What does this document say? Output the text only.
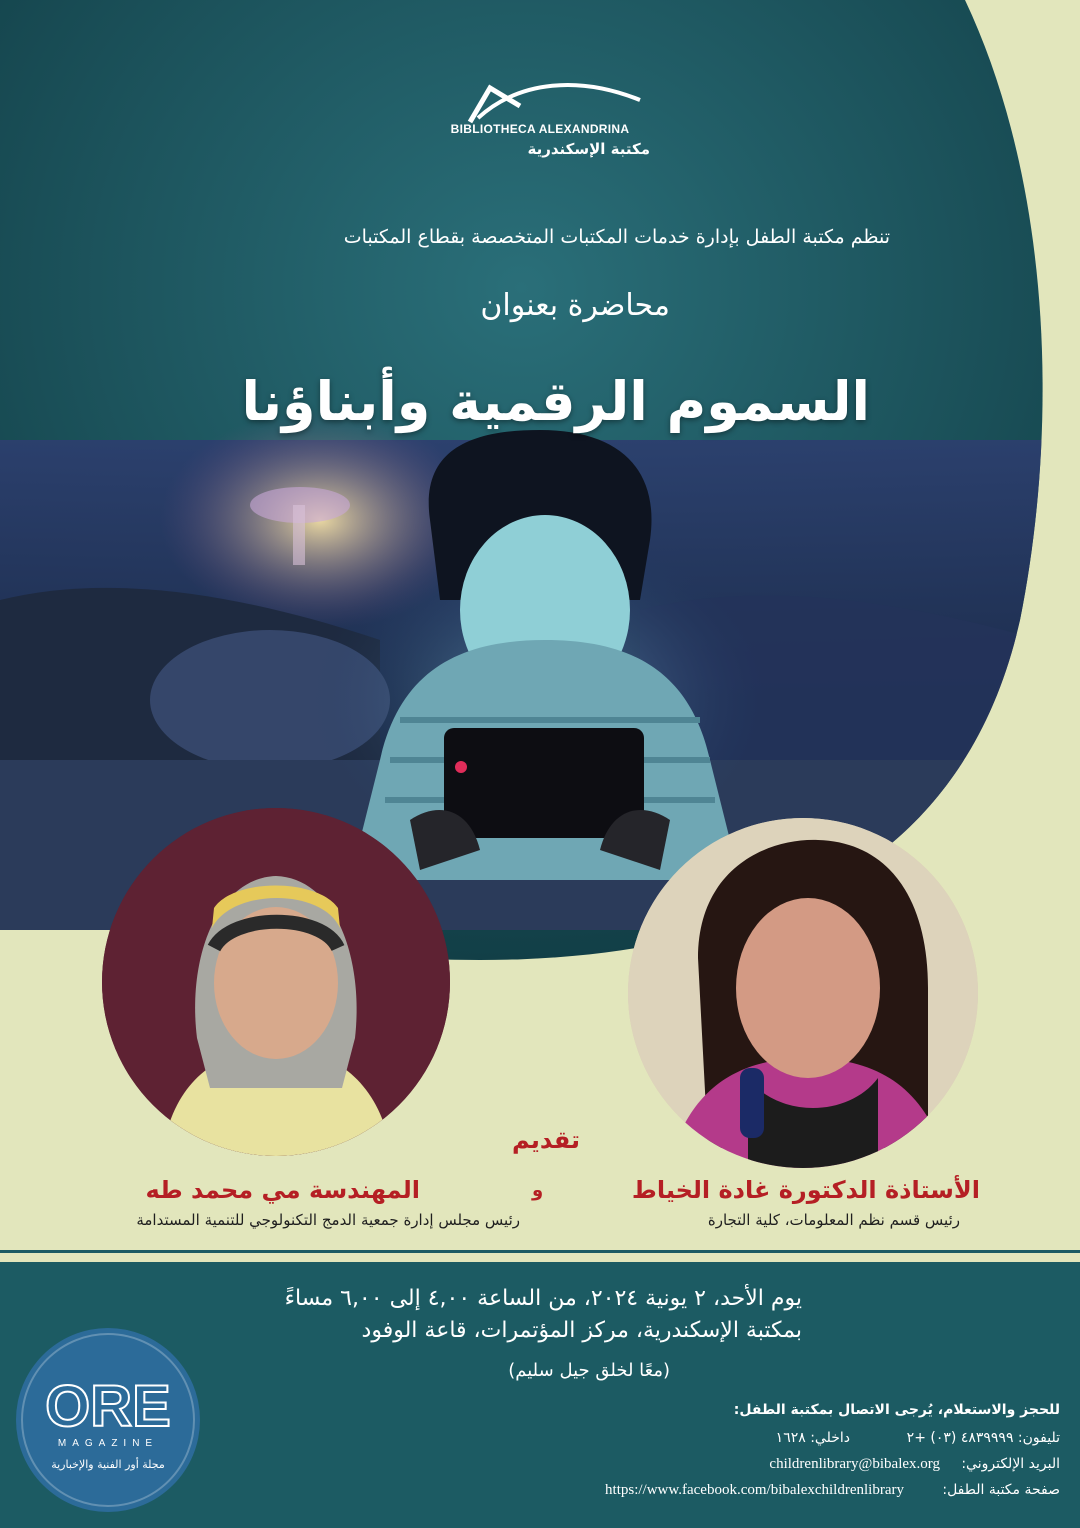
BIBLIOTHECA ALEXANDRINA
مكتبة الإسكندرية
تنظم مكتبة الطفل بإدارة خدمات المكتبات المتخصصة بقطاع المكتبات
محاضرة بعنوان
السموم الرقمية وأبناؤنا
تقديم
الأستاذة الدكتورة غادة الخياط
رئيس قسم نظم المعلومات، كلية التجارة
و
المهندسة مي محمد طه
رئيس مجلس إدارة جمعية الدمج التكنولوجي للتنمية المستدامة
يوم الأحد، ٢ يونية ٢٠٢٤، من الساعة ٤,٠٠ إلى ٦,٠٠ مساءً
بمكتبة الإسكندرية، مركز المؤتمرات، قاعة الوفود
(معًا لخلق جيل سليم)
للحجز والاستعلام، يُرجى الاتصال بمكتبة الطفل:
تليفون: ٤٨٣٩٩٩٩ (٠٣) +٢
داخلي: ١٦٢٨
البريد الإلكتروني:
childrenlibrary@bibalex.org
صفحة مكتبة الطفل:
https://www.facebook.com/bibalexchildrenlibrary
ORE
MAGAZINE
مجلة أور الفنية والإخبارية
